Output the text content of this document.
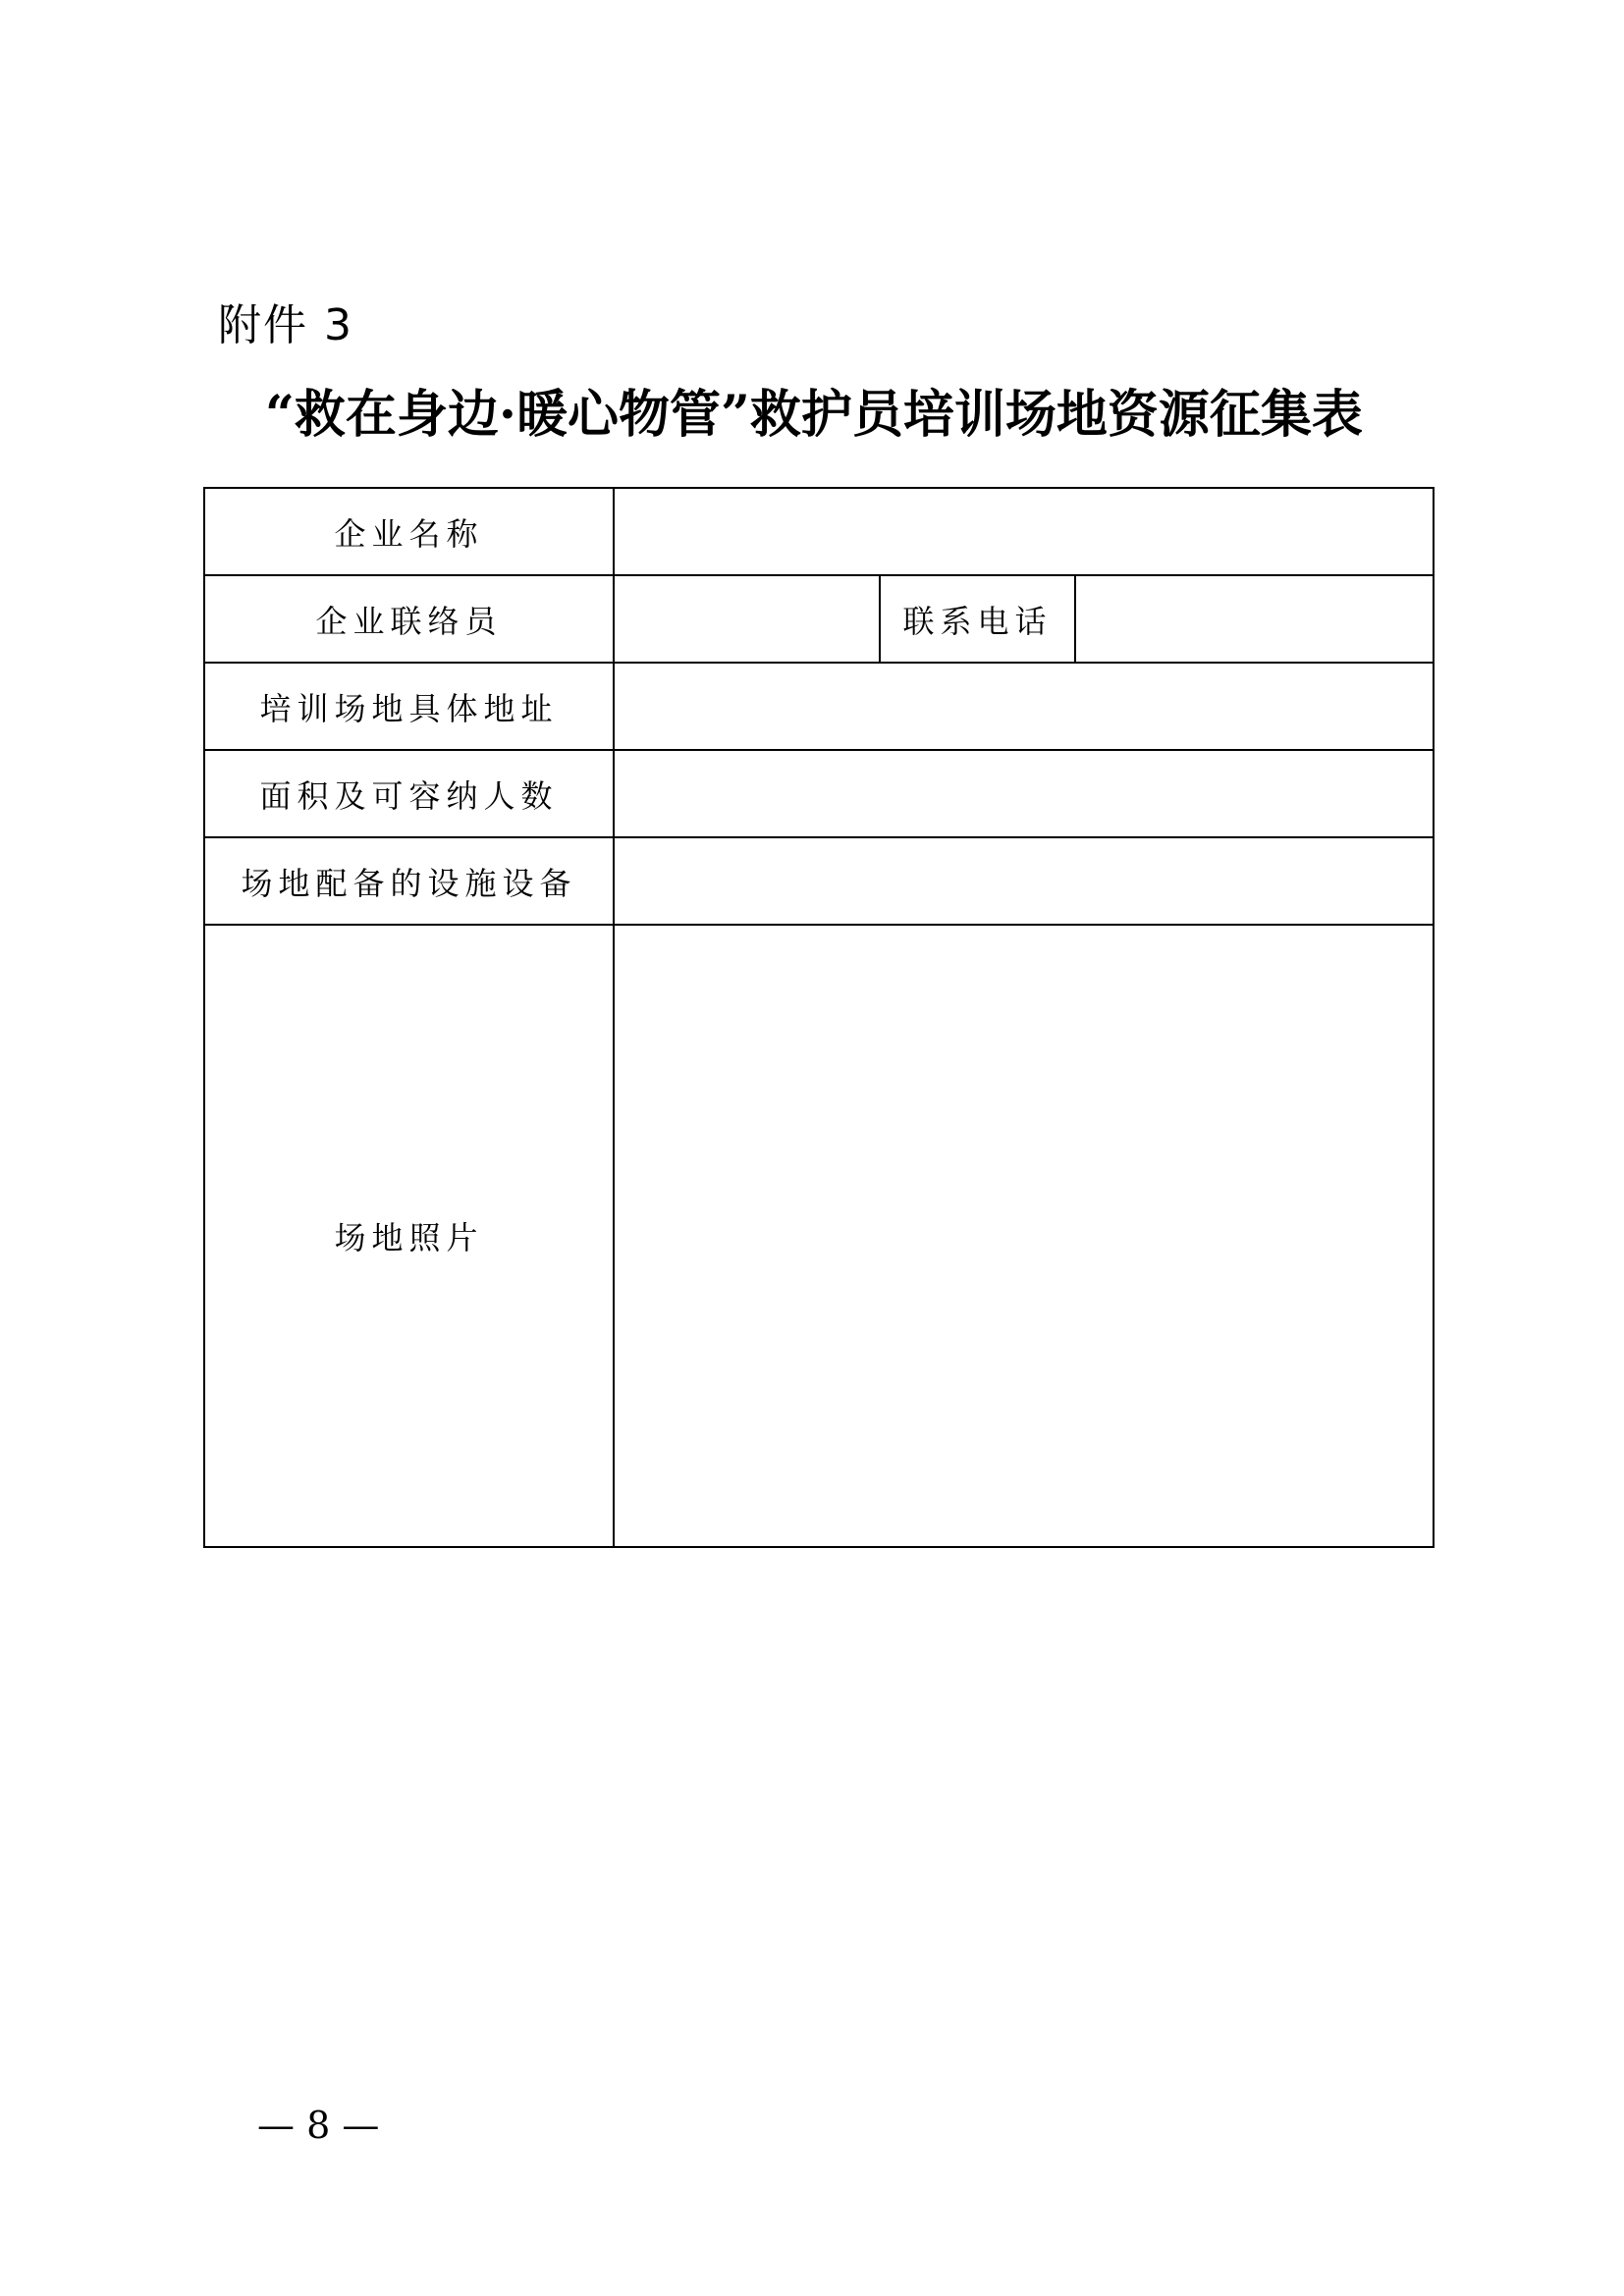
附件 3
“救在身边·暖心物管”救护员培训场地资源征集表
企业名称			
企业联络员		联系电话	
培训场地具体地址			
面积及可容纳人数			
场地配备的设施设备			
场地照片			
— 8 —
